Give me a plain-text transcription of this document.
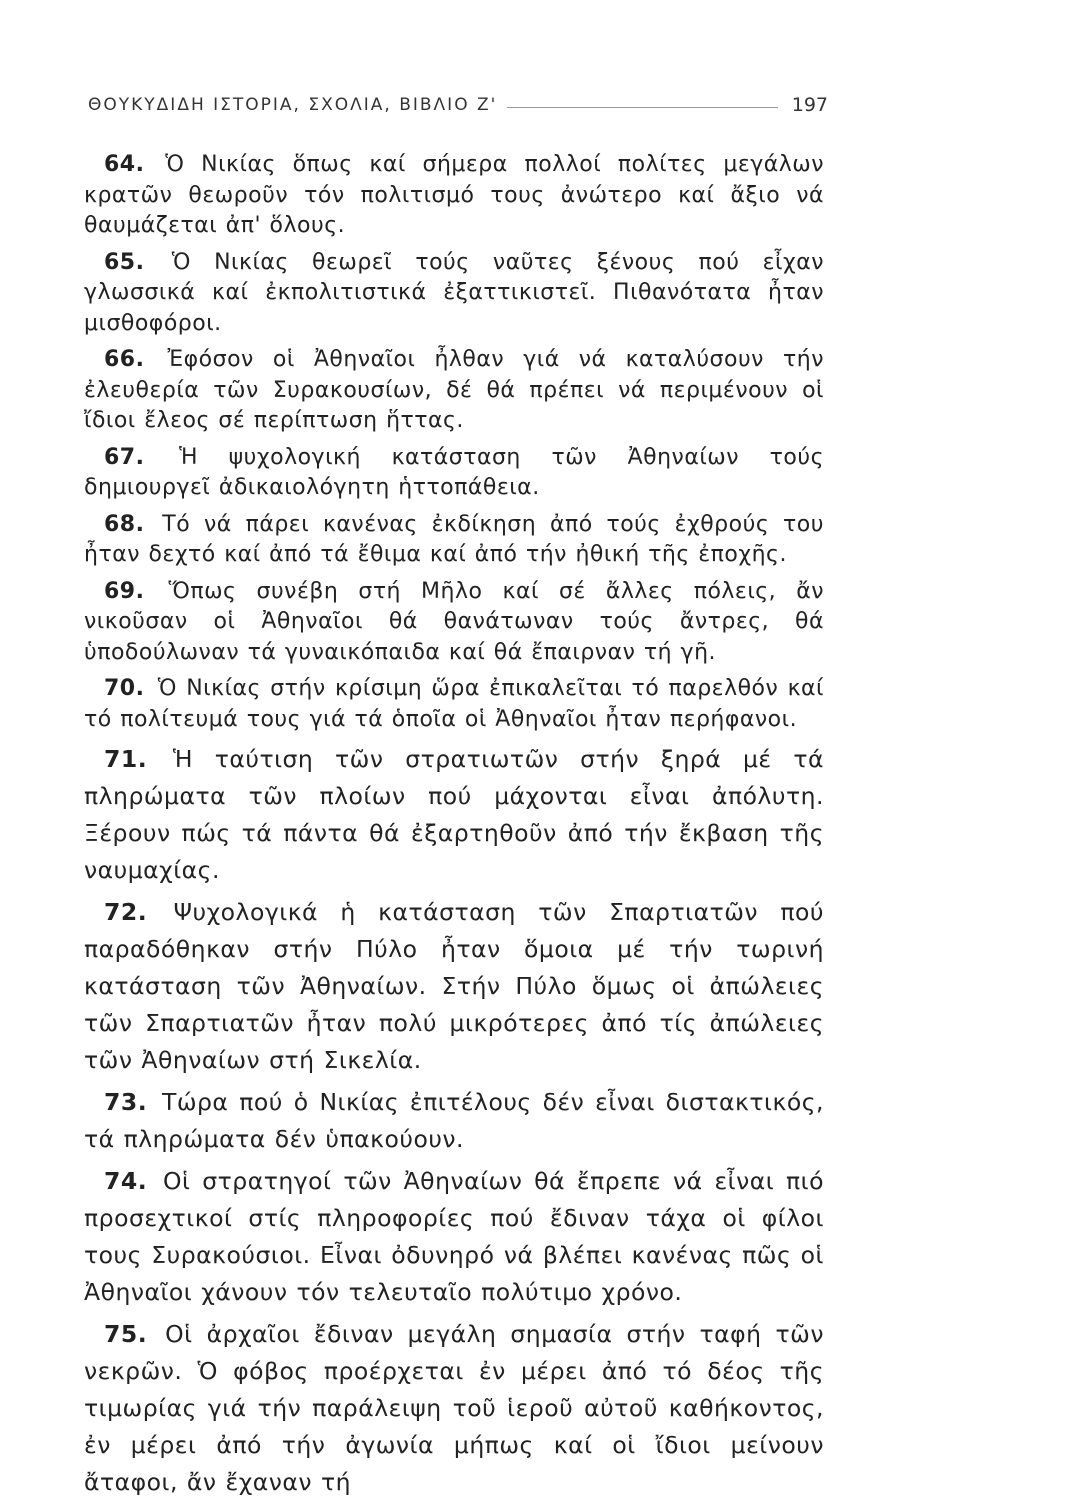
ΘΟΥΚΥΔΙΔΗ ΙΣΤΟΡΙΑ, ΣΧΟΛΙΑ, ΒΙΒΛΙΟ Ζ'	197

64. Ὁ Νικίας ὅπως καί σήμερα πολλοί πολίτες μεγάλων κρατῶν θεωροῦν τόν πολιτισμό τους ἀνώτερο καί ἄξιο νά θαυμάζεται ἀπ' ὅλους.

65. Ὁ Νικίας θεωρεῖ τούς ναῦτες ξένους πού εἶχαν γλωσσικά καί ἐκπολιτιστικά ἐξαττικιστεῖ. Πιθανότατα ἦταν μισθοφόροι.

66. Ἐφόσον οἱ Ἀθηναῖοι ἦλθαν γιά νά καταλύσουν τήν ἐλευθερία τῶν Συρακουσίων, δέ θά πρέπει νά περιμένουν οἱ ἴδιοι ἔλεος σέ περίπτωση ἥττας.

67. Ἡ ψυχολογική κατάσταση τῶν Ἀθηναίων τούς δημιουργεῖ ἀδικαιολόγητη ἡττοπάθεια.

68. Τό νά πάρει κανένας ἐκδίκηση ἀπό τούς ἐχθρούς του ἦταν δεχτό καί ἀπό τά ἔθιμα καί ἀπό τήν ἠθική τῆς ἐποχῆς.

69. Ὅπως συνέβη στή Μῆλο καί σέ ἄλλες πόλεις, ἄν νικοῦσαν οἱ Ἀθηναῖοι θά θανάτωναν τούς ἄντρες, θά ὑποδούλωναν τά γυναικόπαιδα καί θά ἔπαιρναν τή γῆ.

70. Ὁ Νικίας στήν κρίσιμη ὥρα ἐπικαλεῖται τό παρελθόν καί τό πολίτευμά τους γιά τά ὁποῖα οἱ Ἀθηναῖοι ἦταν περήφανοι.

71. Ἡ ταύτιση τῶν στρατιωτῶν στήν ξηρά μέ τά πληρώματα τῶν πλοίων πού μάχονται εἶναι ἀπόλυτη. Ξέρουν πώς τά πάντα θά ἐξαρτηθοῦν ἀπό τήν ἔκβαση τῆς ναυμαχίας.

72. Ψυχολογικά ἡ κατάσταση τῶν Σπαρτιατῶν πού παραδόθηκαν στήν Πύλο ἦταν ὅμοια μέ τήν τωρινή κατάσταση τῶν Ἀθηναίων. Στήν Πύλο ὅμως οἱ ἀπώλειες τῶν Σπαρτιατῶν ἦταν πολύ μικρότερες ἀπό τίς ἀπώλειες τῶν Ἀθηναίων στή Σικελία.

73. Τώρα πού ὁ Νικίας ἐπιτέλους δέν εἶναι διστακτικός, τά πληρώματα δέν ὑπακούουν.

74. Οἱ στρατηγοί τῶν Ἀθηναίων θά ἔπρεπε νά εἶναι πιό προσεχτικοί στίς πληροφορίες πού ἔδιναν τάχα οἱ φίλοι τους Συρακούσιοι. Εἶναι ὀδυνηρό νά βλέπει κανένας πῶς οἱ Ἀθηναῖοι χάνουν τόν τελευταῖο πολύτιμο χρόνο.

75. Οἱ ἀρχαῖοι ἔδιναν μεγάλη σημασία στήν ταφή τῶν νεκρῶν. Ὁ φόβος προέρχεται ἐν μέρει ἀπό τό δέος τῆς τιμωρίας γιά τήν παράλειψη τοῦ ἱεροῦ αὐτοῦ καθήκοντος, ἐν μέρει ἀπό τήν ἀγωνία μήπως καί οἱ ἴδιοι μείνουν ἄταφοι, ἄν ἔχαναν τή
